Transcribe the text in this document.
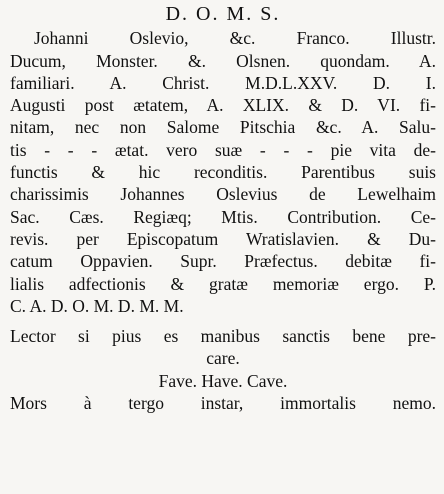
D. O. M. S.
Johanni Oslevio, &c. Franco. Illustr.
Ducum, Monster. &. Olsnen. quondam. A.
familiari. A. Christ. M.D.L.XXV. D. I.
Augusti post ætatem, A. XLIX. & D. VI. fi-
nitam, nec non Salome Pitschia &c. A. Salu-
tis - - - ætat. vero suæ - - - pie vita de-
functis & hic reconditis. Parentibus suis
charissimis Johannes Oslevius de Lewelhaim
Sac. Cæs. Regiæq; Mtis. Contribution. Ce-
revis. per Episcopatum Wratislavien. & Du-
catum Oppavien. Supr. Præfectus. debitæ fi-
lialis adfectionis & gratæ memoriæ ergo. P.
C. A. D. O. M. D. M. M.
Lector si pius es manibus sanctis bene pre-
care.
Fave. Have. Cave.
Mors à tergo instar, immortalis nemo.
